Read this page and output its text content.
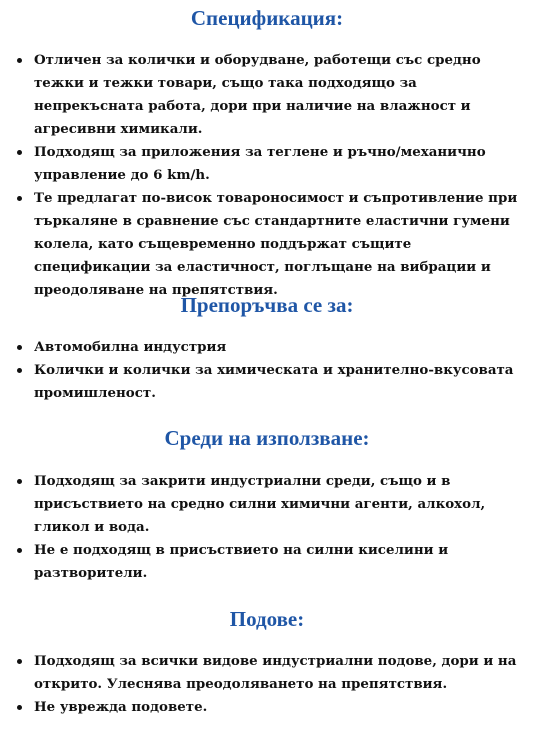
Спецификация:
Отличен за колички и оборудване, работещи със средно тежки и тежки товари, също така подходящо за непрекъснатa работа, дори при наличие на влажност и агресивни химикали.
Подходящ за приложения за теглене и ръчно/механично управление до 6 km/h.
Те предлагат по-висок товароносимост и съпротивление при търкаляне в сравнение със стандартните еластични гумени колела, като същевременно поддържат същите спецификации за еластичност, поглъщане на вибрации и преодоляване на препятствия.
Препоръчва се за:
Автомобилна индустрия
Колички и колички за химическата и хранително-вкусовата промишленост.
Среди на използване:
Подходящ за закрити индустриални среди, също и в присъствието на средно силни химични агенти, алкохол, гликол и вода.
Не е подходящ в присъствието на силни киселини и разтворители.
Подове:
Подходящ за всички видове индустриални подове, дори и на открито. Улеснява преодоляването на препятствия.
Не уврежда подовете.
